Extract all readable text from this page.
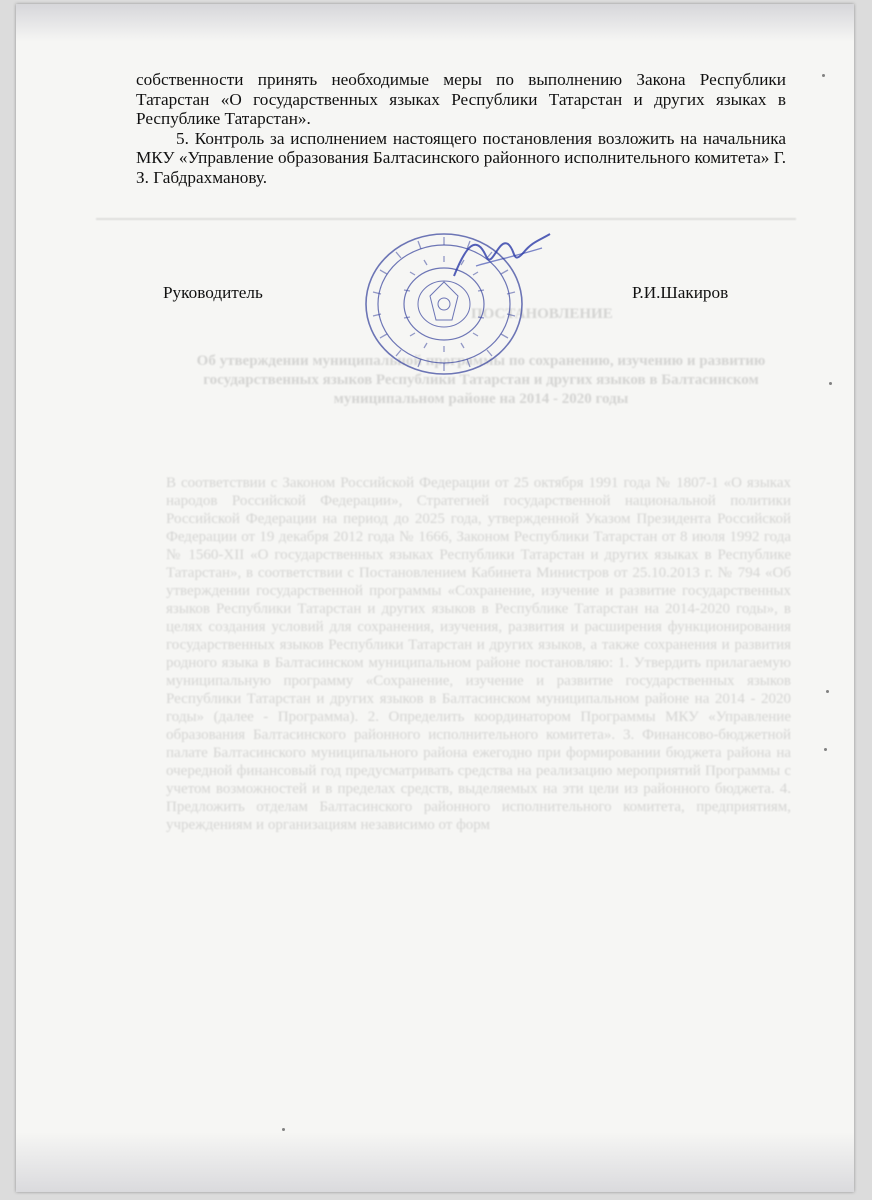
ПОСТАНОВЛЕНИЕ
Об утверждении муниципальной программы по сохранению, изучению и развитию государственных языков Республики Татарстан и других языков в Балтасинском муниципальном районе на 2014 - 2020 годы
В соответствии с Законом Российской Федерации от 25 октября 1991 года № 1807-1 «О языках народов Российской Федерации», Стратегией государственной национальной политики Российской Федерации на период до 2025 года, утвержденной Указом Президента Российской Федерации от 19 декабря 2012 года № 1666, Законом Республики Татарстан от 8 июля 1992 года № 1560-XII «О государственных языках Республики Татарстан и других языках в Республике Татарстан», в соответствии с Постановлением Кабинета Министров от 25.10.2013 г. № 794 «Об утверждении государственной программы «Сохранение, изучение и развитие государственных языков Республики Татарстан и других языков в Республике Татарстан на 2014-2020 годы», в целях создания условий для сохранения, изучения, развития и расширения функционирования государственных языков Республики Татарстан и других языков, а также сохранения и развития родного языка в Балтасинском муниципальном районе постановляю: 1. Утвердить прилагаемую муниципальную программу «Сохранение, изучение и развитие государственных языков Республики Татарстан и других языков в Балтасинском муниципальном районе на 2014 - 2020 годы» (далее - Программа). 2. Определить координатором Программы МКУ «Управление образования Балтасинского районного исполнительного комитета». 3. Финансово-бюджетной палате Балтасинского муниципального района ежегодно при формировании бюджета района на очередной финансовый год предусматривать средства на реализацию мероприятий Программы с учетом возможностей и в пределах средств, выделяемых на эти цели из районного бюджета. 4. Предложить отделам Балтасинского районного исполнительного комитета, предприятиям, учреждениям и организациям независимо от форм

собственности принять необходимые меры по выполнению Закона Республики Татарстан «О государственных языках Республики Татарстан и других языках в Республике Татарстан».

5. Контроль за исполнением настоящего постановления возложить на начальника МКУ «Управление образования Балтасинского районного исполнительного комитета» Г. З. Габдрахманову.

Руководитель	Р.И.Шакиров
